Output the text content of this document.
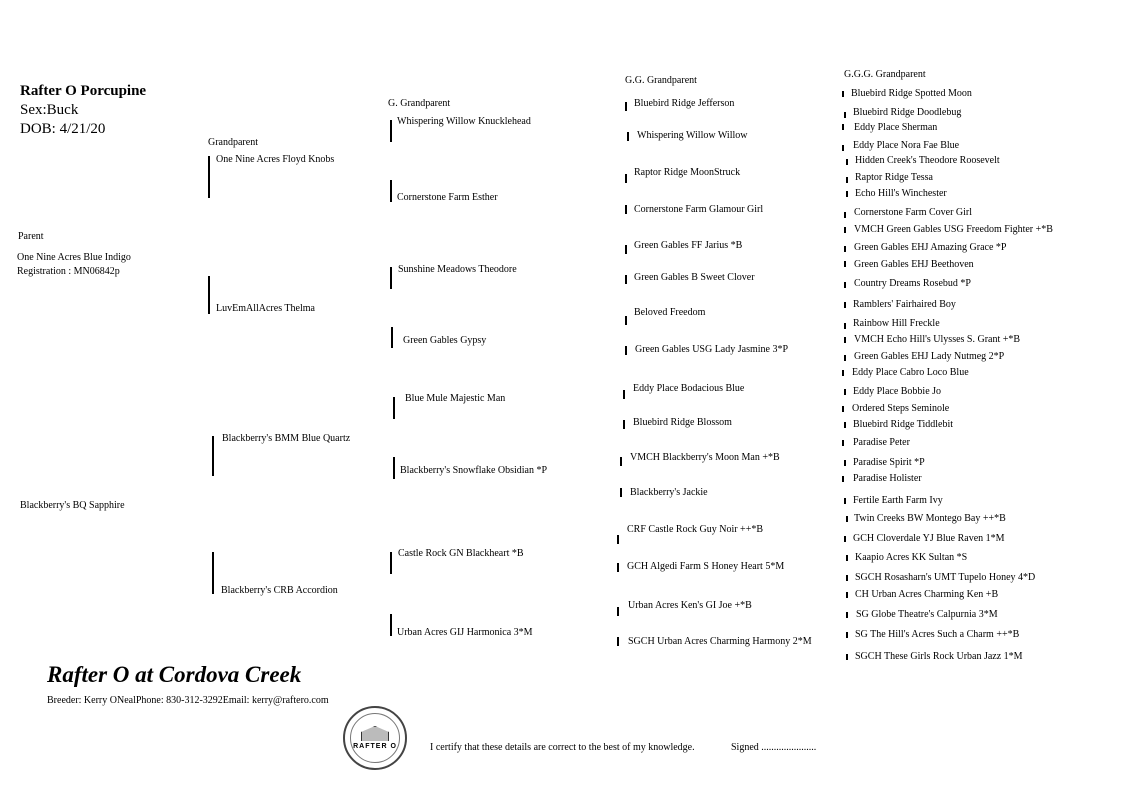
Rafter O Porcupine
Sex:Buck
DOB: 4/21/20
Parent
Grandparent
G. Grandparent
G.G. Grandparent
G.G.G. Grandparent
One Nine Acres Blue Indigo
Registration : MN06842p
Blackberry's BQ Sapphire
One Nine Acres Floyd Knobs
LuvEmAllAcres Thelma
Blackberry's BMM Blue Quartz
Blackberry's CRB Accordion
Whispering Willow Knucklehead
Cornerstone Farm Esther
Sunshine Meadows Theodore
Green Gables Gypsy
Blue Mule Majestic Man
Blackberry's Snowflake Obsidian *P
Castle Rock GN Blackheart *B
Urban Acres GIJ Harmonica 3*M
Bluebird Ridge Jefferson
Whispering Willow Willow
Raptor Ridge MoonStruck
Cornerstone Farm Glamour Girl
Green Gables FF Jarius *B
Green Gables B Sweet Clover
Beloved Freedom
Green Gables USG Lady Jasmine 3*P
Eddy Place Bodacious Blue
Bluebird Ridge Blossom
VMCH Blackberry's Moon Man +*B
Blackberry's Jackie
CRF Castle Rock Guy Noir ++*B
GCH Algedi Farm S Honey Heart 5*M
Urban Acres Ken's GI Joe +*B
SGCH Urban Acres Charming Harmony 2*M
Bluebird Ridge Spotted Moon
Bluebird Ridge Doodlebug
Eddy Place Sherman
Eddy Place Nora Fae Blue
Hidden Creek's Theodore Roosevelt
Raptor Ridge Tessa
Echo Hill's Winchester
Cornerstone Farm Cover Girl
VMCH Green Gables USG Freedom Fighter +*B
Green Gables EHJ Amazing Grace *P
Green Gables EHJ Beethoven
Country Dreams Rosebud *P
Ramblers' Fairhaired Boy
Rainbow Hill Freckle
VMCH Echo Hill's Ulysses S. Grant +*B
Green Gables EHJ Lady Nutmeg 2*P
Eddy Place Cabro Loco Blue
Eddy Place Bobbie Jo
Ordered Steps Seminole
Bluebird Ridge Tiddlebit
Paradise Peter
Paradise Spirit *P
Paradise Holister
Fertile Earth Farm Ivy
Twin Creeks BW Montego Bay ++*B
GCH Cloverdale YJ Blue Raven 1*M
Kaapio Acres KK Sultan *S
SGCH Rosasharn's UMT Tupelo Honey 4*D
CH Urban Acres Charming Ken +B
SG Globe Theatre's Calpurnia 3*M
SG The Hill's Acres Such a Charm ++*B
SGCH These Girls Rock Urban Jazz 1*M
Rafter O at Cordova Creek
Breeder: Kerry ONealPhone: 830-312-3292Email: kerry@raftero.com
RAFTER O	I certify that these details are correct to the best of my knowledge.	Signed ......................
